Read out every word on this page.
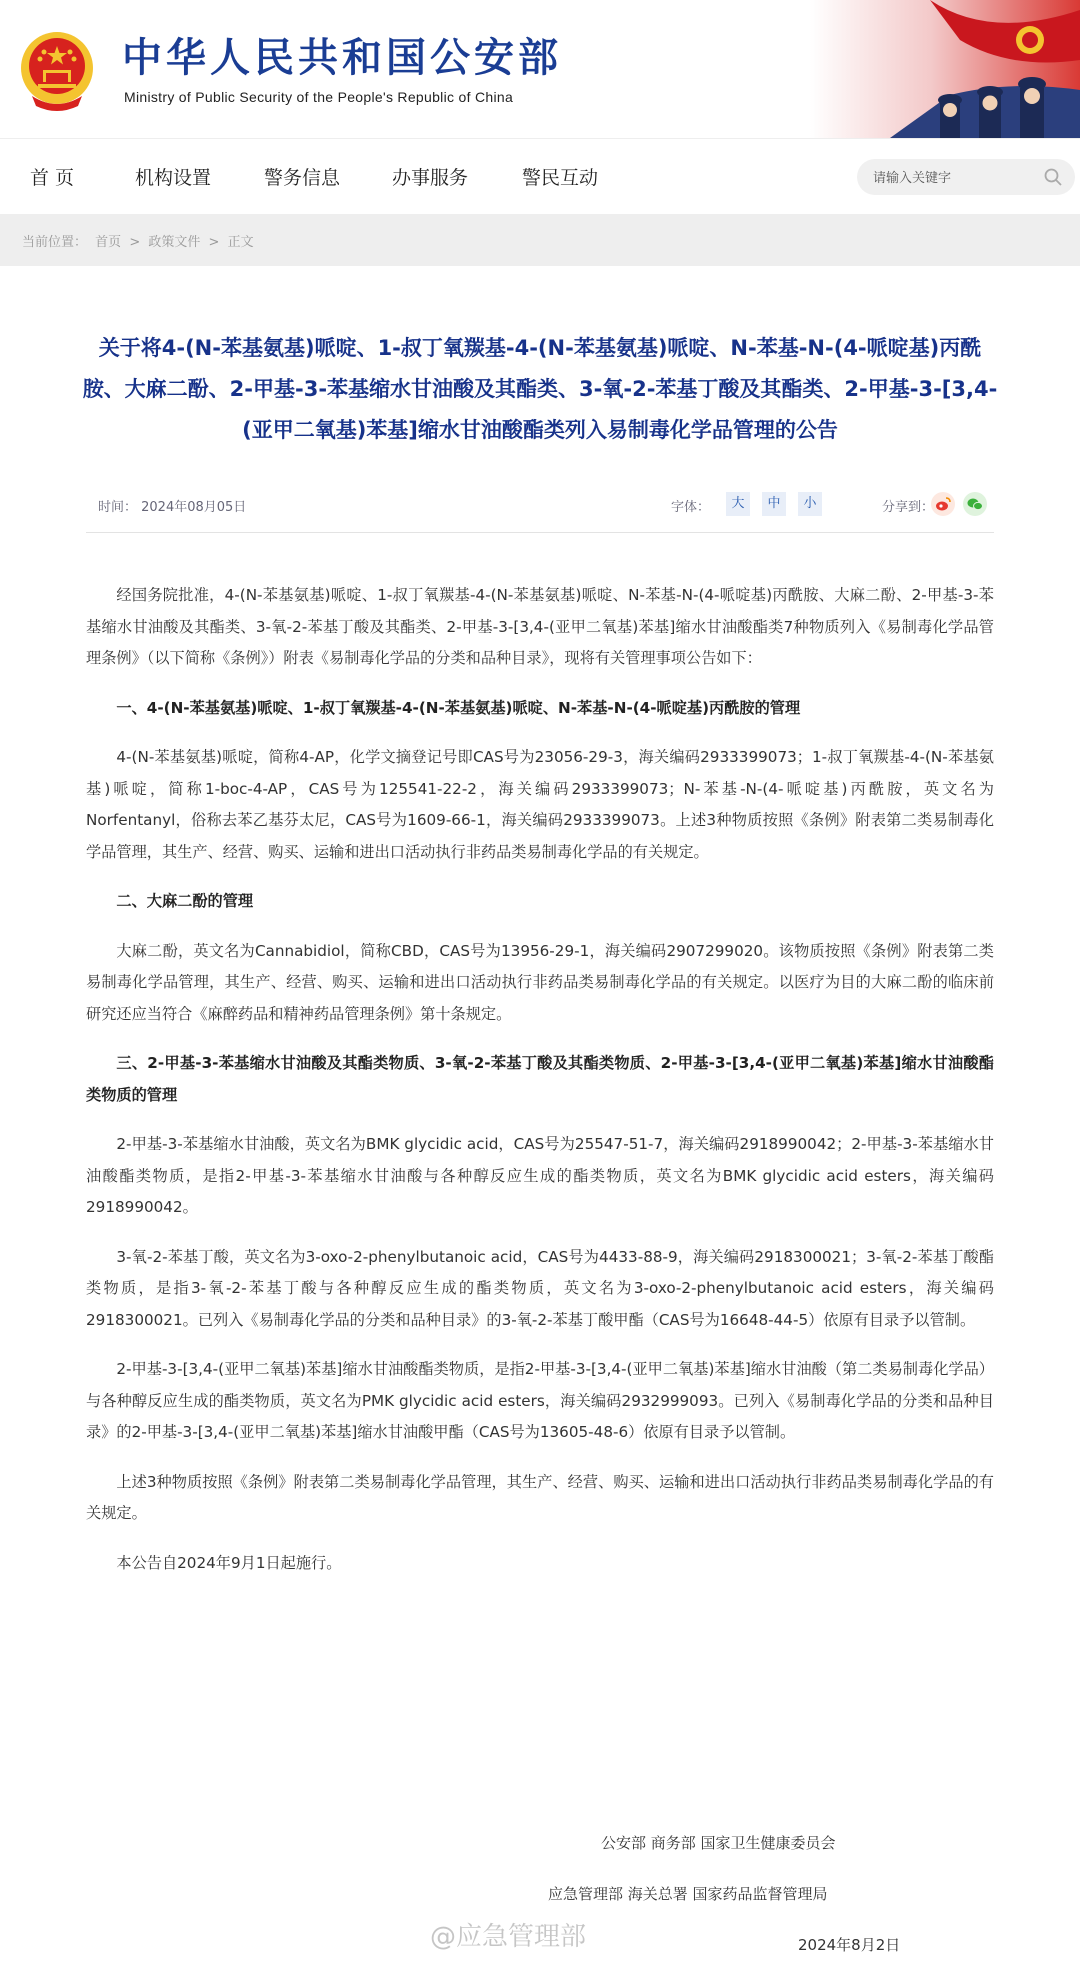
中华人民共和国公安部
Ministry of Public Security of the People's Republic of China
首 页	机构设置	警务信息	办事服务	警民互动
请输入关键字
当前位置： 首页 > 政策文件 > 正文
关于将4-(N-苯基氨基)哌啶、1-叔丁氧羰基-4-(N-苯基氨基)哌啶、N-苯基-N-(4-哌啶基)丙酰胺、大麻二酚、2-甲基-3-苯基缩水甘油酸及其酯类、3-氧-2-苯基丁酸及其酯类、2-甲基-3-[3,4-(亚甲二氧基)苯基]缩水甘油酸酯类列入易制毒化学品管理的公告
时间： 2024年08月05日	字体：	大	中	小	分享到：

经国务院批准，4-(N-苯基氨基)哌啶、1-叔丁氧羰基-4-(N-苯基氨基)哌啶、N-苯基-N-(4-哌啶基)丙酰胺、大麻二酚、2-甲基-3-苯基缩水甘油酸及其酯类、3-氧-2-苯基丁酸及其酯类、2-甲基-3-[3,4-(亚甲二氧基)苯基]缩水甘油酸酯类7种物质列入《易制毒化学品管理条例》（以下简称《条例》）附表《易制毒化学品的分类和品种目录》，现将有关管理事项公告如下：

一、4-(N-苯基氨基)哌啶、1-叔丁氧羰基-4-(N-苯基氨基)哌啶、N-苯基-N-(4-哌啶基)丙酰胺的管理

4-(N-苯基氨基)哌啶，简称4-AP，化学文摘登记号即CAS号为23056-29-3，海关编码2933399073；1-叔丁氧羰基-4-(N-苯基氨基)哌啶，简称1-boc-4-AP，CAS号为125541-22-2，海关编码2933399073；N-苯基-N-(4-哌啶基)丙酰胺，英文名为Norfentanyl，俗称去苯乙基芬太尼，CAS号为1609-66-1，海关编码2933399073。上述3种物质按照《条例》附表第二类易制毒化学品管理，其生产、经营、购买、运输和进出口活动执行非药品类易制毒化学品的有关规定。

二、大麻二酚的管理

大麻二酚，英文名为Cannabidiol，简称CBD，CAS号为13956-29-1，海关编码2907299020。该物质按照《条例》附表第二类易制毒化学品管理，其生产、经营、购买、运输和进出口活动执行非药品类易制毒化学品的有关规定。以医疗为目的大麻二酚的临床前研究还应当符合《麻醉药品和精神药品管理条例》第十条规定。

三、2-甲基-3-苯基缩水甘油酸及其酯类物质、3-氧-2-苯基丁酸及其酯类物质、2-甲基-3-[3,4-(亚甲二氧基)苯基]缩水甘油酸酯类物质的管理

2-甲基-3-苯基缩水甘油酸，英文名为BMK glycidic acid，CAS号为25547-51-7，海关编码2918990042；2-甲基-3-苯基缩水甘油酸酯类物质，是指2-甲基-3-苯基缩水甘油酸与各种醇反应生成的酯类物质，英文名为BMK glycidic acid esters，海关编码2918990042。

3-氧-2-苯基丁酸，英文名为3-oxo-2-phenylbutanoic acid，CAS号为4433-88-9，海关编码2918300021；3-氧-2-苯基丁酸酯类物质，是指3-氧-2-苯基丁酸与各种醇反应生成的酯类物质，英文名为3-oxo-2-phenylbutanoic acid esters，海关编码2918300021。已列入《易制毒化学品的分类和品种目录》的3-氧-2-苯基丁酸甲酯（CAS号为16648-44-5）依原有目录予以管制。

2-甲基-3-[3,4-(亚甲二氧基)苯基]缩水甘油酸酯类物质，是指2-甲基-3-[3,4-(亚甲二氧基)苯基]缩水甘油酸（第二类易制毒化学品）与各种醇反应生成的酯类物质，英文名为PMK glycidic acid esters，海关编码2932999093。已列入《易制毒化学品的分类和品种目录》的2-甲基-3-[3,4-(亚甲二氧基)苯基]缩水甘油酸甲酯（CAS号为13605-48-6）依原有目录予以管制。

上述3种物质按照《条例》附表第二类易制毒化学品管理，其生产、经营、购买、运输和进出口活动执行非药品类易制毒化学品的有关规定。

本公告自2024年9月1日起施行。

公安部 商务部 国家卫生健康委员会
应急管理部 海关总署 国家药品监督管理局
2024年8月2日
@应急管理部
